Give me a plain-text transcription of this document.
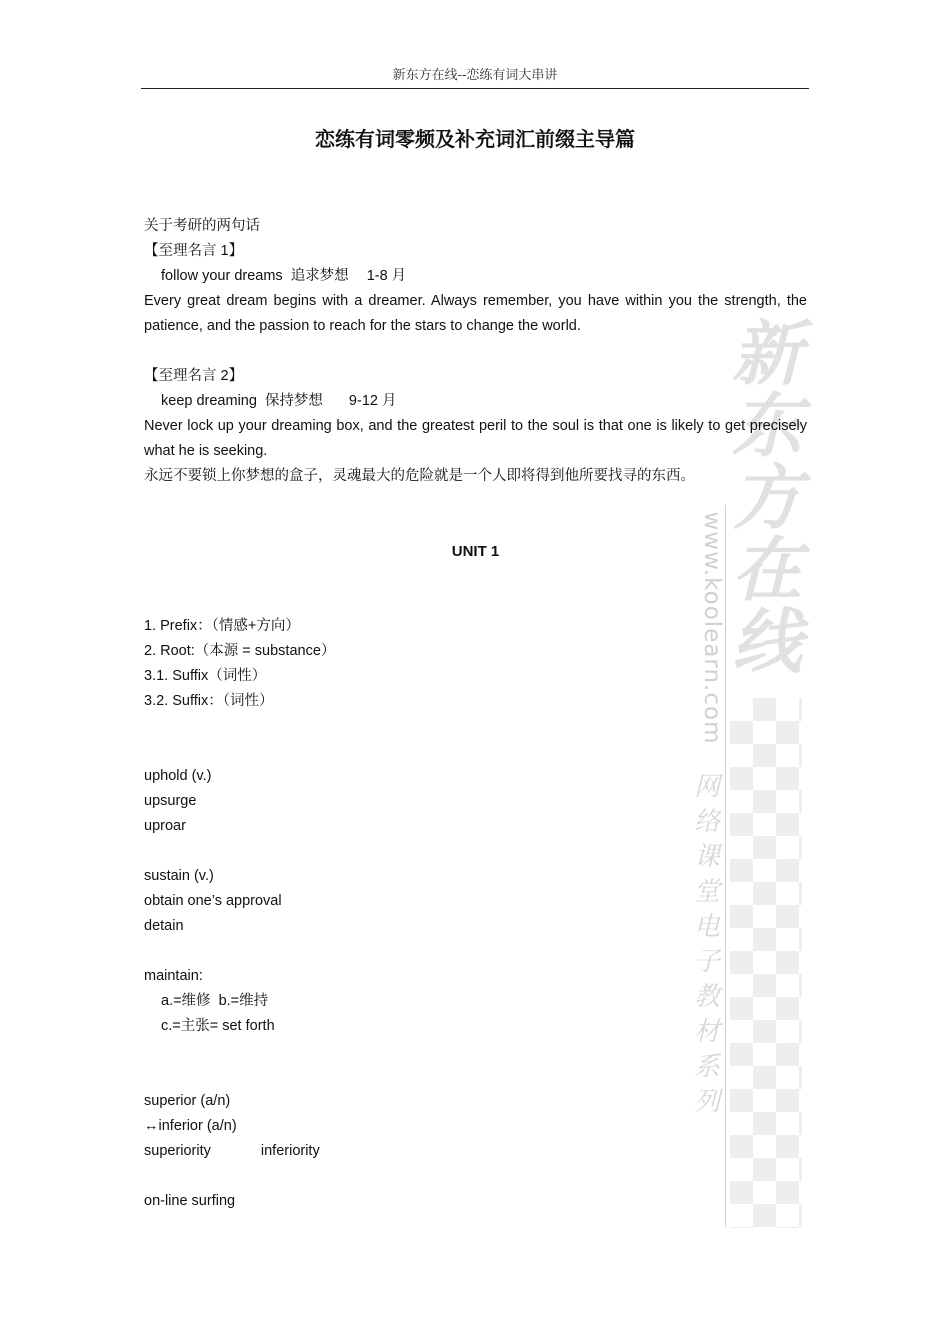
新
东
方
在
线
www.koolearn.com
网
络
课
堂
电
子
教
材
系
列
新东方在线--恋练有词大串讲
恋练有词零频及补充词汇前缀主导篇
关于考研的两句话
【至理名言 1】
follow your dreams 追求梦想 1-8 月
Every great dream begins with a dreamer. Always remember, you have within you the strength, the patience, and the passion to reach for the stars to change the world.
【至理名言 2】
keep dreaming 保持梦想 9-12 月
Never lock up your dreaming box, and the greatest peril to the soul is that one is likely to get precisely what he is seeking.
永远不要锁上你梦想的盒子，灵魂最大的危险就是一个人即将得到他所要找寻的东西。
UNIT 1
1. Prefix：（情感+方向）
2. Root:（本源 = substance）
3.1. Suffix（词性）
3.2. Suffix：（词性）
uphold (v.)
upsurge
uproar
sustain (v.)
obtain one’s approval
detain
maintain:
a.=维修 b.=维持
c.=主张= set forth
superior (a/n)
↔inferior (a/n)
superiority	inferiority
on-line surfing
